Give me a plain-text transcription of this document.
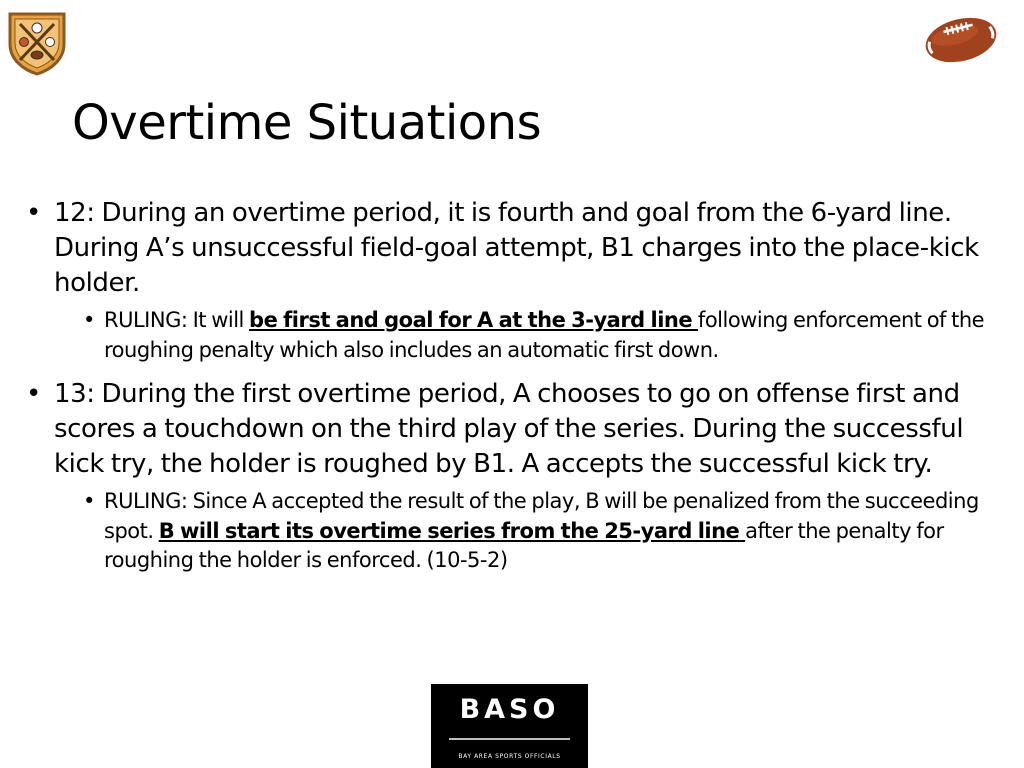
Overtime Situations
• 12: During an overtime period, it is fourth and goal from the 6-yard line. During A’s unsuccessful field-goal attempt, B1 charges into the place-kick holder.
• RULING: It will be first and goal for A at the 3-yard line following enforcement of the roughing penalty which also includes an automatic first down.
• 13: During the first overtime period, A chooses to go on offense first and scores a touchdown on the third play of the series. During the successful kick try, the holder is roughed by B1. A accepts the successful kick try.
• RULING: Since A accepted the result of the play, B will be penalized from the succeeding spot. B will start its overtime series from the 25-yard line after the penalty for roughing the holder is enforced. (10-5-2)
BASO
BAY AREA SPORTS OFFICIALS
